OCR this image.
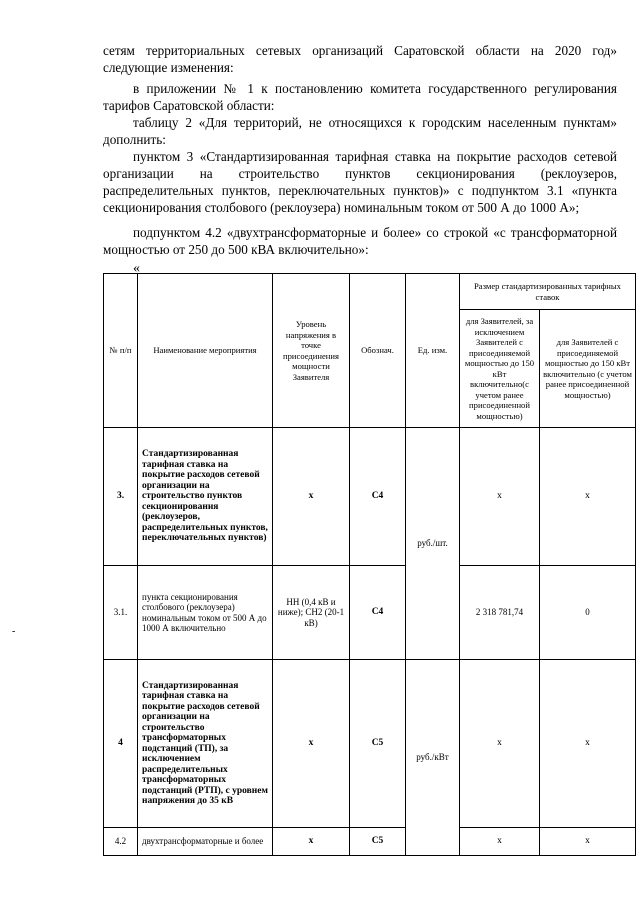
сетям территориальных сетевых организаций Саратовской области на 2020 год» следующие изменения:
в приложении № 1 к постановлению комитета государственного регулирования тарифов Саратовской области:
таблицу 2 «Для территорий, не относящихся к городским населенным пунктам» дополнить:
пунктом 3 «Стандартизированная тарифная ставка на покрытие расходов сетевой организации на строительство пунктов секционирования (реклоузеров, распределительных пунктов, переключательных пунктов)» с подпунктом 3.1 «пункта секционирования столбового (реклоузера) номинальным током от 500 А до 1000 А»;
подпунктом 4.2 «двухтрансформаторные и более» со строкой «с трансформаторной мощностью от 250 до 500 кВА включительно»:
«
-
№ п/п	Наименование мероприятия	Уровень напряжения в точке присоединения мощности Заявителя	Обознач.	Ед. изм.	Размер стандартизированных тарифных ставок	
					для Заявителей, за исключением Заявителей с присоединяемой мощностью до 150 кВт включительно(с учетом ранее присоединенной мощностью)	для Заявителей с присоединяемой мощностью до 150 кВт включительно (с учетом ранее присоединенной мощностью)
3.	Стандартизированная тарифная ставка на покрытие расходов сетевой организации на строительство пунктов секционирования (реклоузеров, распределительных пунктов, переключательных пунктов)	x	С4	руб./шт.	x	x
3.1.	пункта секционирования столбового (реклоузера) номинальным током от 500 А до 1000 А включительно	НН (0,4 кВ и ниже); СН2 (20-1 кВ)	С4		2 318 781,74	0
4	Стандартизированная тарифная ставка на покрытие расходов сетевой организации на строительство трансформаторных подстанций (ТП), за исключением распределительных трансформаторных подстанций (РТП), с уровнем напряжения до 35 кВ	x	С5	руб./кВт	x	x
4.2	двухтрансформаторные и более	x	С5		x	x
